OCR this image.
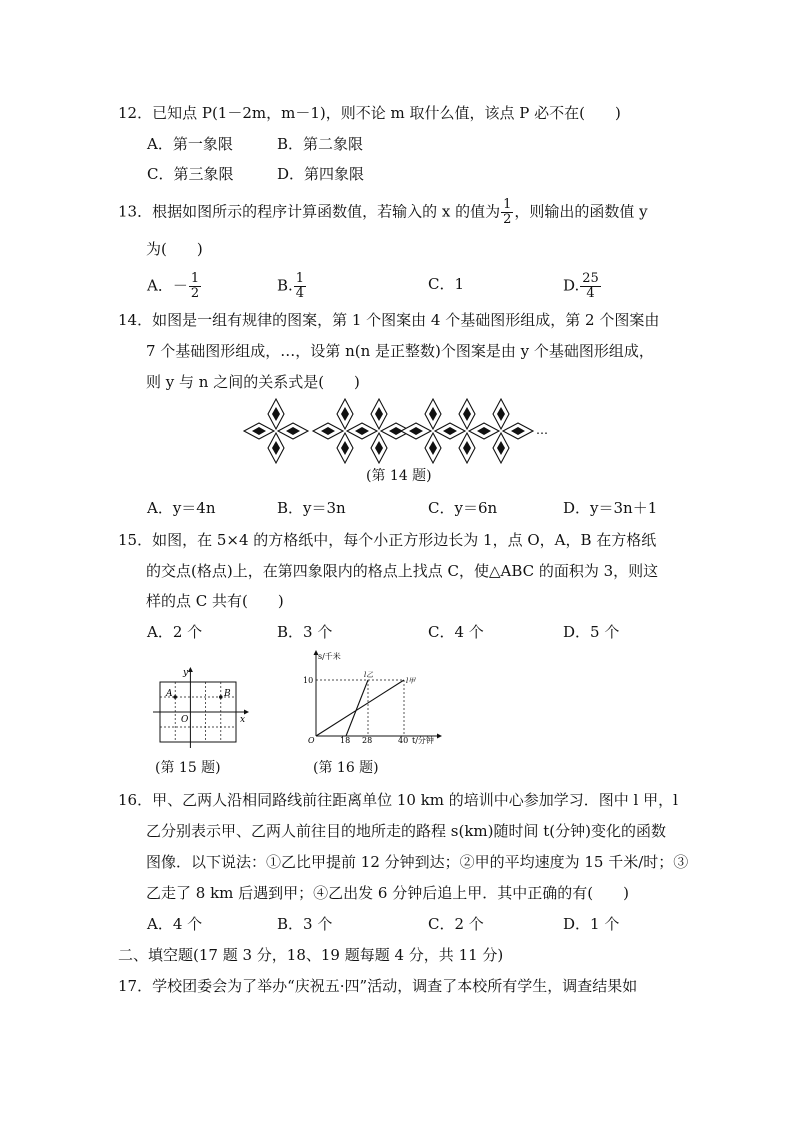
12．已知点 P(1－2m，m－1)，则不论 m 取什么值，该点 P 必不在(　　)
A．第一象限	B．第二象限
C．第三象限	D．第四象限
13．根据如图所示的程序计算函数值，若输入的 x 的值为 $\frac{1}{2}$ ，则输出的函数值 y
为(　　)
A．－ $\frac{1}{2}$	B. $\frac{1}{4}$	C．1	D. $\frac{25}{4}$
14．如图是一组有规律的图案，第 1 个图案由 4 个基础图形组成，第 2 个图案由
7 个基础图形组成，…，设第 n(n 是正整数)个图案是由 y 个基础图形组成，
则 y 与 n 之间的关系式是(　　)
…
(第 14 题)
A．y＝4n	B．y＝3n	C．y＝6n	D．y＝3n＋1
15．如图，在 5×4 的方格纸中，每个小正方形边长为 1，点 O，A，B 在方格纸
的交点(格点)上，在第四象限内的格点上找点 C，使△ABC 的面积为 3，则这
样的点 C 共有(　　)
A．2 个	B．3 个	C．4 个	D．5 个
A	B
O
y
x
(第 15 题)
s/千米
t/分钟
O
10
18 28	40
l乙
l甲
(第 16 题)
16．甲、乙两人沿相同路线前往距离单位 10 km 的培训中心参加学习．图中 l 甲，l
乙分别表示甲、乙两人前往目的地所走的路程 s(km)随时间 t(分钟)变化的函数
图像．以下说法：①乙比甲提前 12 分钟到达；②甲的平均速度为 15 千米/时；③
乙走了 8 km 后遇到甲；④乙出发 6 分钟后追上甲．其中正确的有(　　)
A．4 个	B．3 个	C．2 个	D．1 个
二、填空题(17 题 3 分，18、19 题每题 4 分，共 11 分)
17．学校团委会为了举办“庆祝五·四”活动，调查了本校所有学生，调查结果如
